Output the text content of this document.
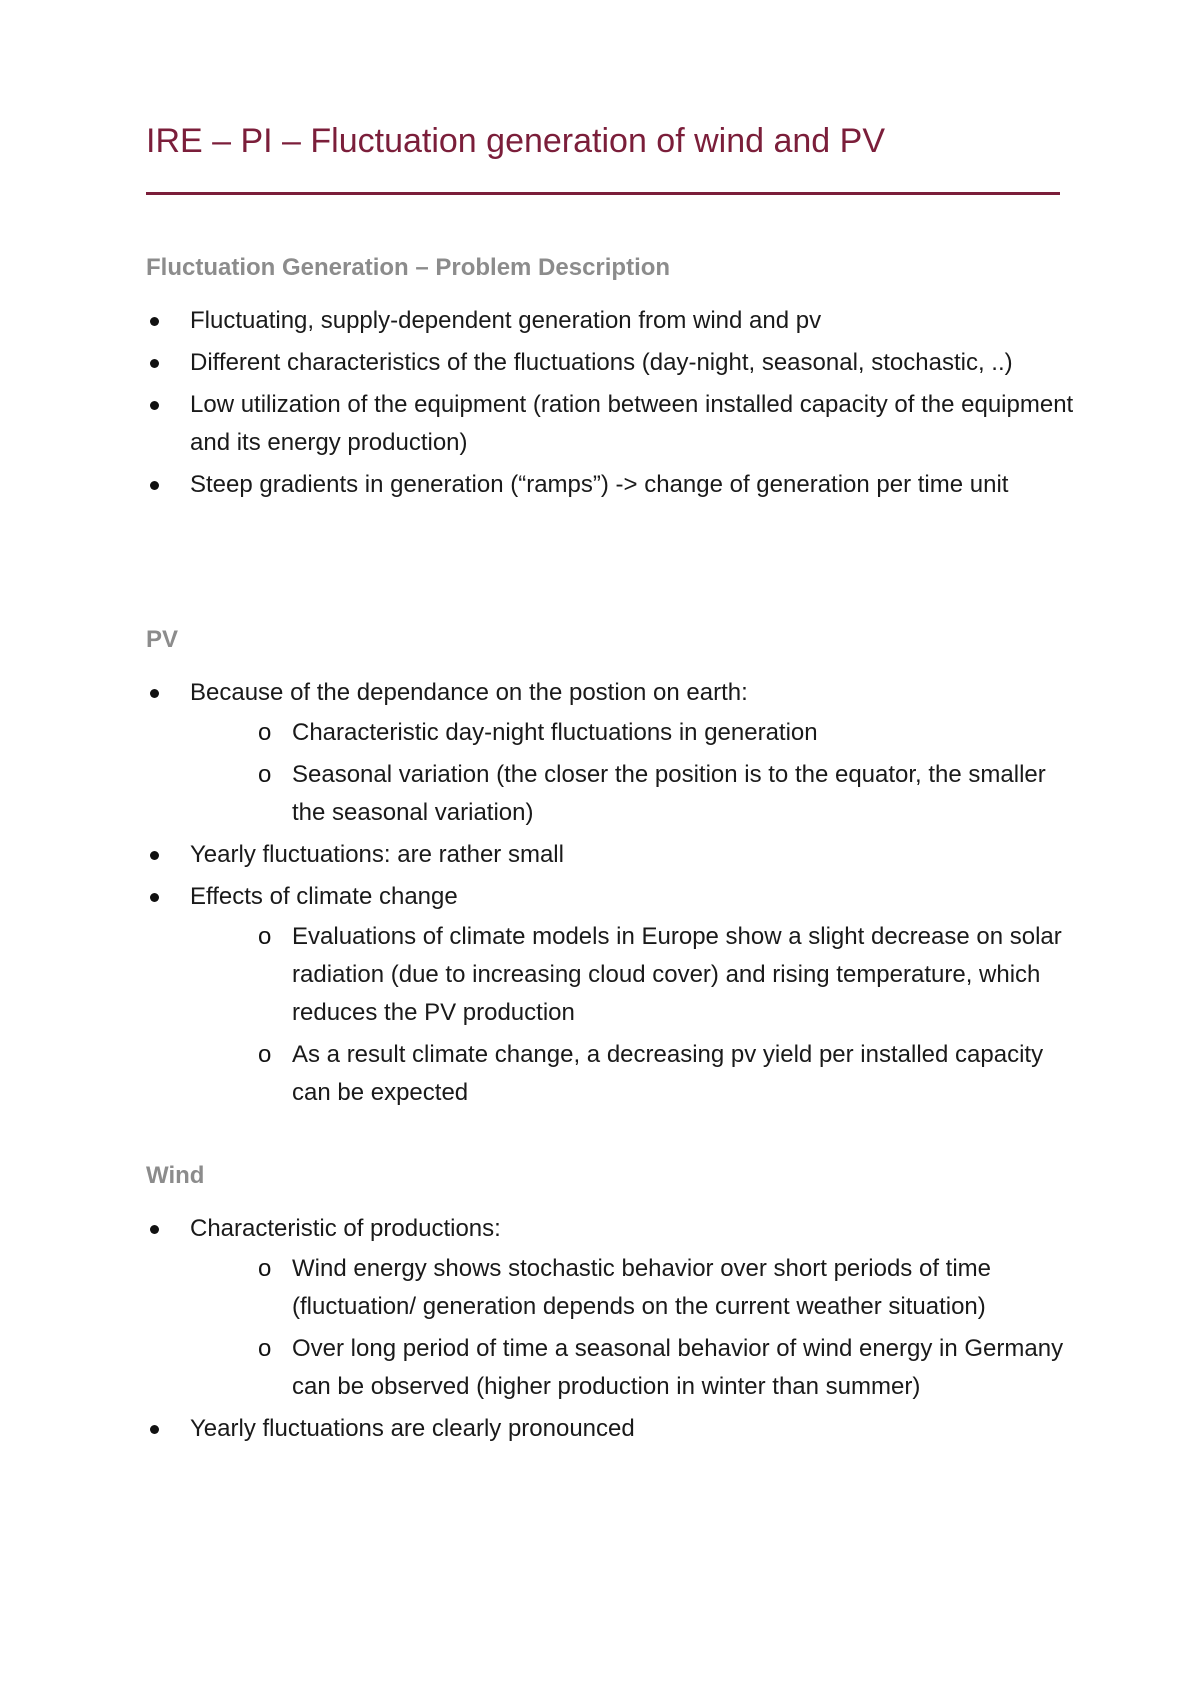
IRE – PI – Fluctuation generation of wind and PV
Fluctuation Generation – Problem Description
Fluctuating, supply-dependent generation from wind and pv
Different characteristics of the fluctuations (day-night, seasonal, stochastic, ..)
Low utilization of the equipment (ration between installed capacity of the equipment and its energy production)
Steep gradients in generation (“ramps”) -> change of generation per time unit
PV
Because of the dependance on the postion on earth:
o Characteristic day-night fluctuations in generation
o Seasonal variation (the closer the position is to the equator, the smaller the seasonal variation)
Yearly fluctuations: are rather small
Effects of climate change
o Evaluations of climate models in Europe show a slight decrease on solar radiation (due to increasing cloud cover) and rising temperature, which reduces the PV production
o As a result climate change, a decreasing pv yield per installed capacity can be expected
Wind
Characteristic of productions:
o Wind energy shows stochastic behavior over short periods of time (fluctuation/ generation depends on the current weather situation)
o Over long period of time a seasonal behavior of wind energy in Germany can be observed (higher production in winter than summer)
Yearly fluctuations are clearly pronounced
